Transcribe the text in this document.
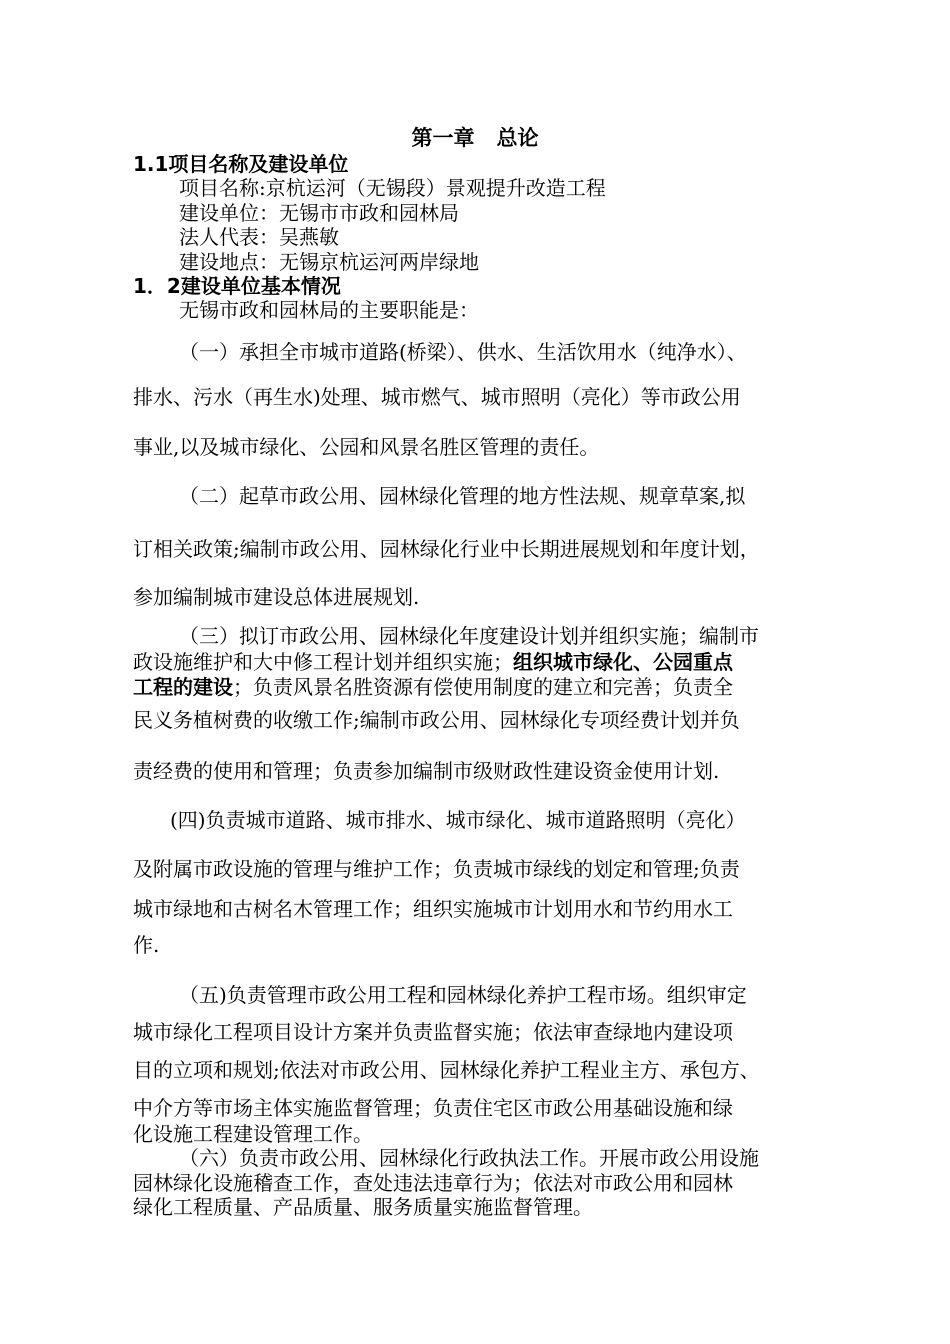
第一章   总论
1.1项目名称及建设单位
项目名称:京杭运河（无锡段）景观提升改造工程
建设单位：无锡市市政和园林局
法人代表：吴燕敏
建设地点：无锡京杭运河两岸绿地
1．2建设单位基本情况
无锡市政和园林局的主要职能是：
（一）承担全市城市道路(桥梁）、供水、生活饮用水（纯净水）、
排水、污水（再生水)处理、城市燃气、城市照明（亮化）等市政公用
事业,以及城市绿化、公园和风景名胜区管理的责任。
（二）起草市政公用、园林绿化管理的地方性法规、规章草案,拟
订相关政策;编制市政公用、园林绿化行业中长期进展规划和年度计划，
参加编制城市建设总体进展规划.
（三）拟订市政公用、园林绿化年度建设计划并组织实施；编制市
政设施维护和大中修工程计划并组织实施；组织城市绿化、公园重点
工程的建设；负责风景名胜资源有偿使用制度的建立和完善；负责全
民义务植树费的收缴工作;编制市政公用、园林绿化专项经费计划并负
责经费的使用和管理；负责参加编制市级财政性建设资金使用计划.
(四)负责城市道路、城市排水、城市绿化、城市道路照明（亮化）
及附属市政设施的管理与维护工作；负责城市绿线的划定和管理;负责
城市绿地和古树名木管理工作；组织实施城市计划用水和节约用水工
作.
（五)负责管理市政公用工程和园林绿化养护工程市场。组织审定
城市绿化工程项目设计方案并负责监督实施；依法审查绿地内建设项
目的立项和规划;依法对市政公用、园林绿化养护工程业主方、承包方、
中介方等市场主体实施监督管理；负责住宅区市政公用基础设施和绿
化设施工程建设管理工作。
（六）负责市政公用、园林绿化行政执法工作。开展市政公用设施
园林绿化设施稽查工作，查处违法违章行为；依法对市政公用和园林
绿化工程质量、产品质量、服务质量实施监督管理。
